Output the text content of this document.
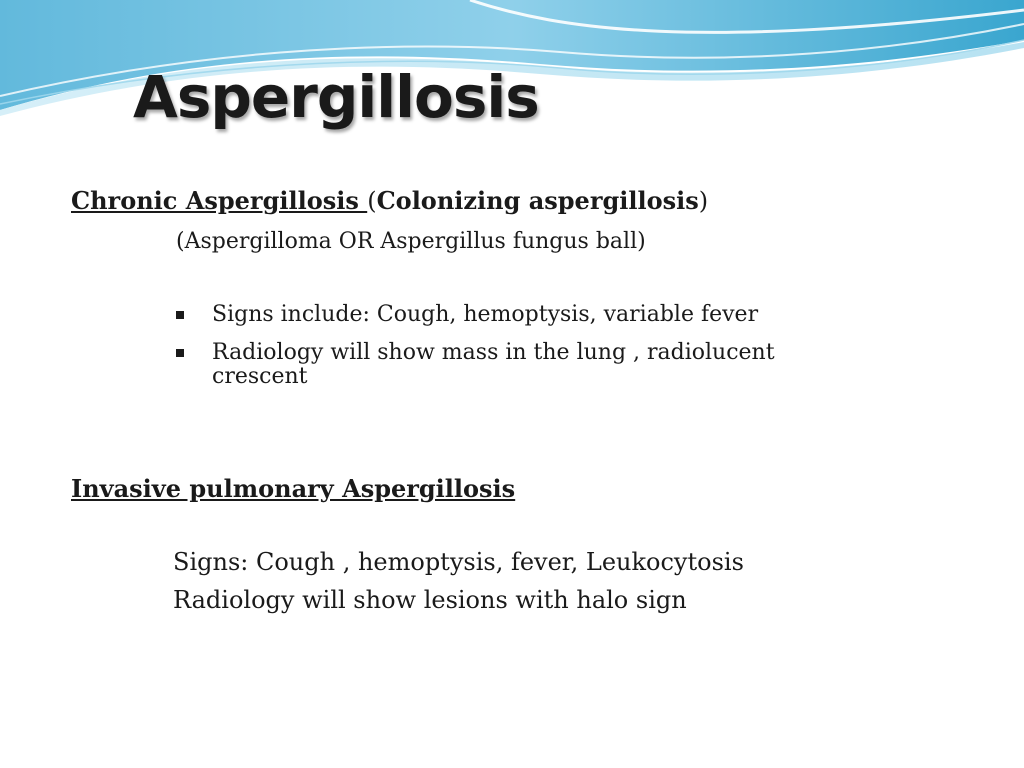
Aspergillosis

Chronic Aspergillosis (Colonizing aspergillosis)

(Aspergilloma OR Aspergillus fungus ball)

Signs include: Cough, hemoptysis, variable fever
Radiology will show mass in the lung , radiolucent crescent

Invasive pulmonary Aspergillosis

Signs: Cough , hemoptysis, fever, Leukocytosis

Radiology will show lesions with halo sign
